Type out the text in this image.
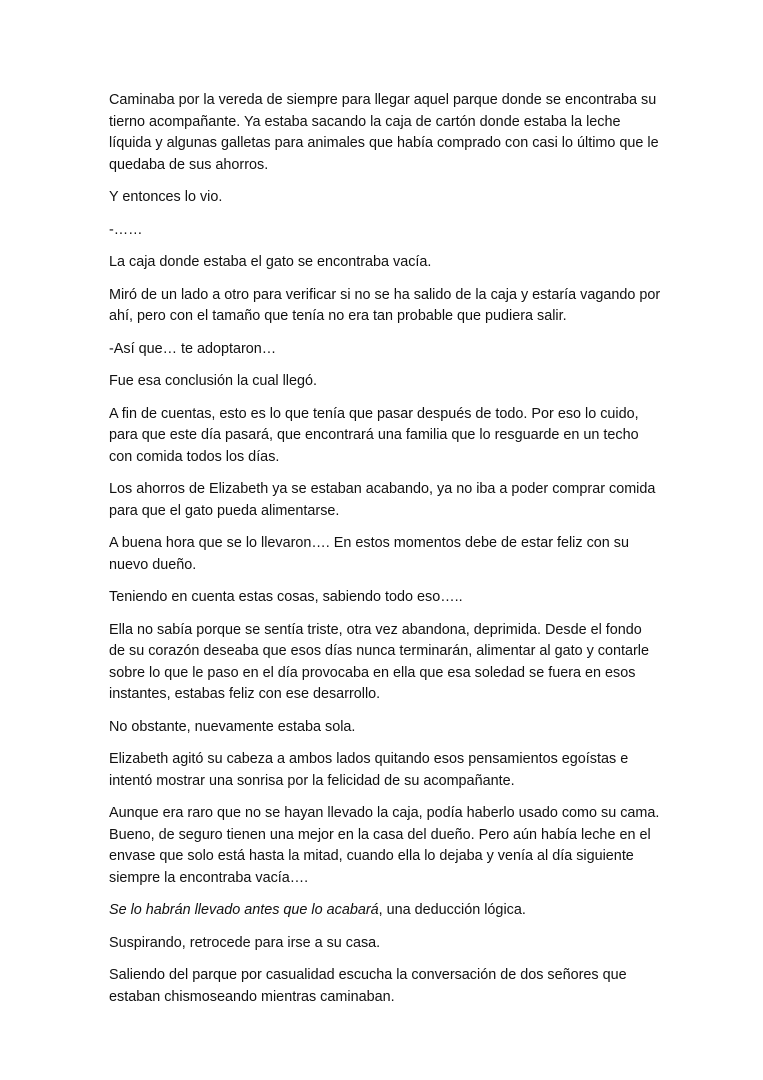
Caminaba por la vereda de siempre para llegar aquel parque donde se encontraba su tierno acompañante. Ya estaba sacando la caja de cartón donde estaba la leche líquida y algunas galletas para animales que había comprado con casi lo último que le quedaba de sus ahorros.

Y entonces lo vio.

-……

La caja donde estaba el gato se encontraba vacía.

Miró de un lado a otro para verificar si no se ha salido de la caja y estaría vagando por ahí, pero con el tamaño que tenía no era tan probable que pudiera salir.

-Así que… te adoptaron…

Fue esa conclusión la cual llegó.

A fin de cuentas, esto es lo que tenía que pasar después de todo. Por eso lo cuido, para que este día pasará, que encontrará una familia que lo resguarde en un techo con comida todos los días.

Los ahorros de Elizabeth ya se estaban acabando, ya no iba a poder comprar comida para que el gato pueda alimentarse.

A buena hora que se lo llevaron…. En estos momentos debe de estar feliz con su nuevo dueño.

Teniendo en cuenta estas cosas, sabiendo todo eso…..

Ella no sabía porque se sentía triste, otra vez abandona, deprimida. Desde el fondo de su corazón deseaba que esos días nunca terminarán, alimentar al gato y contarle sobre lo que le paso en el día provocaba en ella que esa soledad se fuera en esos instantes, estabas feliz con ese desarrollo.

No obstante, nuevamente estaba sola.

Elizabeth agitó su cabeza a ambos lados quitando esos pensamientos egoístas e intentó mostrar una sonrisa por la felicidad de su acompañante.

Aunque era raro que no se hayan llevado la caja, podía haberlo usado como su cama. Bueno, de seguro tienen una mejor en la casa del dueño. Pero aún había leche en el envase que solo está hasta la mitad, cuando ella lo dejaba y venía al día siguiente siempre la encontraba vacía….

Se lo habrán llevado antes que lo acabará, una deducción lógica.

Suspirando, retrocede para irse a su casa.

Saliendo del parque por casualidad escucha la conversación de dos señores que estaban chismoseando mientras caminaban.
